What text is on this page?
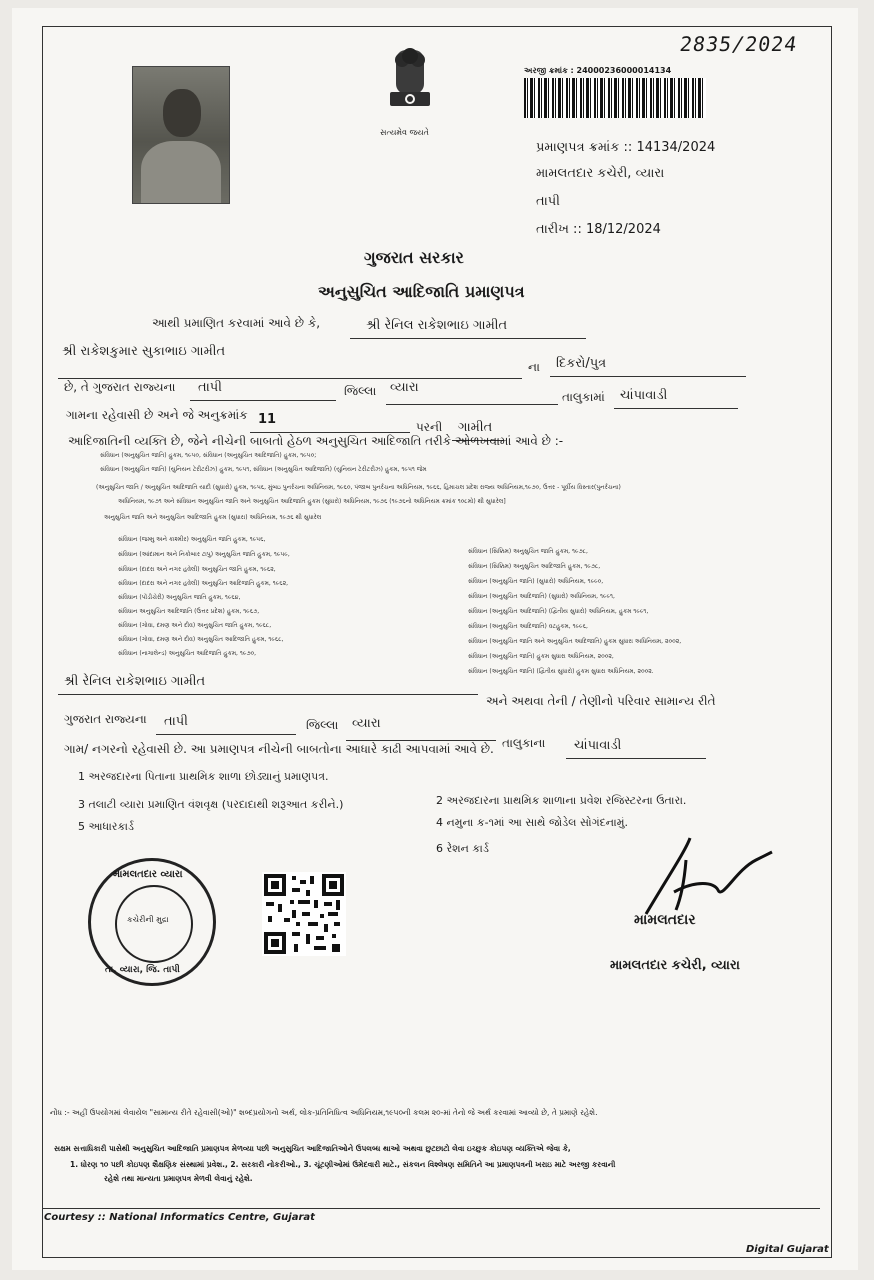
સત્યમેવ જયતે
2835/2024
અરજી ક્રમાંક : 24000236000014134
પ્રમાણપત્ર ક્રમાંક :: 14134/2024
મામલતદાર કચેરી, વ્યારા
તાપી
તારીખ :: 18/12/2024
ગુજરાત સરકાર
અનુસુચિત આદિજાતિ પ્રમાણપત્ર
આથી પ્રમાણિત કરવામાં આવે છે કે,	શ્રી રેનિલ રાકેશભાઇ ગામીત
શ્રી રાકેશકુમાર સુકાભાઇ ગામીત
ના દિકરો/પુત્ર
છે, તે ગુજરાત રાજ્યના તાપી	જિલ્લા વ્યારા
તાલુકામાં ચાંપાવાડી
ગામના રહેવાસી છે અને જે અનુક્રમાંક 11	પરની ગામીત
આદિજાતિની વ્યક્તિ છે, જેને નીચેની બાબતો હેઠળ અનુસુચિત આદિજાતિ તરીકે ઓળખવામાં આવે છે :-
સંવિધાન (અનુસુચિત જાતિ) હુકમ, ૧૯૫૦, સંવિધાન (અનુસુચિત આદિજાતિ) હુકમ, ૧૯૫૦;
સંવિધાન (અનુસુચિત જાતિ) (યુનિયન ટેરીટરીઝ) હુકમ, ૧૯૫૧, સંવિધાન (અનુસુચિત આદિજાતિ) (યુનિયન ટેરીટરીઝ) હુકમ, ૧૯૫૧ જેમ
(અનુસુચિત જાતિ / અનુસુચિત આદિજાતિ યાદી (સુધારો) હુકમ, ૧૯૫૬, મુંબઇ પુનર્રચના અધિનિયમ, ૧૯૬૦, પંજાબ પુનર્રચના અધિનિયમ, ૧૯૬૬, હિમાચલ પ્રદેશ રાજ્ય અધિનિયમ,૧૯૭૦, ઉત્તર - પૂર્વીય વિસ્તાર(પુનર્રચના)
અધિનિયમ, ૧૯૭૧ અને સંવિધાન અનુસુચિત જાતિ અને અનુસુચિત આદિજાતિ હુકમ (સુધારો) અધિનિયમ, ૧૯૭૬ (૧૯૭૬નો અધિનિયમ ક્રમાંક ૧૦૮મો) થી સુધારેલ]
અનુસુચિત જાતિ અને અનુસુચિત આદિજાતિ હુકમ (સુધારા) અધિનિયમ, ૧૯૭૬ થી સુધારેલ
સંવિધાન (જમ્મુ અને કાશ્મીર) અનુસુચિત જાતિ હુકમ, ૧૯૫૬,
સંવિધાન (આંદામાન અને નિકોબાર ટાપુ) અનુસુચિત જાતિ હુકમ, ૧૯૫૯,
સંવિધાન (દાદરા અને નગર હવેલી) અનુસુચિત જાતિ હુકમ, ૧૯૬૨,
સંવિધાન (દાદરા અને નગર હવેલી) અનુસુચિત આદિજાતિ હુકમ, ૧૯૬૨,
સંવિધાન (પોંડીચેરી) અનુસુચિત જાતિ હુકમ, ૧૯૬૪,
સંવિધાન અનુસુચિત આદિજાતિ (ઉત્તર પ્રદેશ) હુકમ, ૧૯૬૭,
સંવિધાન (ગોવા, દમણ અને દીવ) અનુસુચિત જાતિ હુકમ, ૧૯૬૮,
સંવિધાન (ગોવા, દમણ અને દીવ) અનુસુચિત આદિજાતિ હુકમ, ૧૯૬૮,
સંવિધાન (નાગાલેન્ડ) અનુસુચિત આદિજાતિ હુકમ, ૧૯૭૦,
સંવિધાન (સિક્કિમ) અનુસુચિત જાતિ હુકમ, ૧૯૭૮,
સંવિધાન (સિક્કિમ) અનુસુચિત આદિજાતિ હુકમ, ૧૯૭૮,
સંવિધાન (અનુસુચિત જાતિ) (સુધારો) અધિનિયમ, ૧૯૯૦,
સંવિધાન (અનુસુચિત આદિજાતિ) (સુધારો) અધિનિયમ, ૧૯૯૧,
સંવિધાન (અનુસુચિત આદિજાતિ) (દ્વિતીય સુધારો) અધિનિયમ, હુકમ ૧૯૯૧,
સંવિધાન (અનુસુચિત આદિજાતિ) વટહુકમ, ૧૯૯૬,
સંવિધાન (અનુસુચિત જાતિ અને અનુસુચિત આદિજાતિ) હુકમ સુધારા અધિનિયમ, ૨૦૦૨,
સંવિધાન (અનુસુચિત જાતિ) હુકમ સુધારા અધિનિયમ, ૨૦૦૨,
સંવિધાન (અનુસુચિત જાતિ) (દ્વિતીય સુધારો) હુકમ સુધારા અધિનિયમ, ૨૦૦૨.
શ્રી રેનિલ રાકેશભાઇ ગામીત
અને અથવા તેની / તેણીનો પરિવાર સામાન્ય રીતે
ગુજરાત રાજ્યના તાપી	જિલ્લા વ્યારા
તાલુકાના ચાંપાવાડી
ગામ/ નગરનો રહેવાસી છે. આ પ્રમાણપત્ર નીચેની બાબતોના આધારે કાઢી આપવામાં આવે છે.
1 અરજદારના પિતાના પ્રાથમિક શાળા છોડ્યાનું પ્રમાણપત્ર.
2 અરજદારના પ્રાથમિક શાળાના પ્રવેશ રજિસ્ટરના ઉતારા.
3 તલાટી વ્યારા પ્રમાણિત વંશવૃક્ષ (પરદાદાથી શરૂઆત કરીને.)
4 નમુના ક-૧માં આ સાથે જોડેલ સોગંદનામું.
5 આધારકાર્ડ
6 રેશન કાર્ડ
મામલતદાર વ્યારા
કચેરીની મુદ્રા
તા. વ્યારા, જિ. તાપી
મામલતદાર
મામલતદાર કચેરી, વ્યારા
નોંધ :- અહીં ઉપયોગમાં લેવાયેલ "સામાન્ય રીતે રહેવાસી(ઓ)" શબ્દપ્રયોગનો અર્થ, લોક-પ્રતિનિધિત્વ અધિનિયમ,૧૯૫૦ની કલમ ૨૦-માં તેનો જે અર્થ કરવામાં આવ્યો છે, તે પ્રમાણે રહેશે.
સક્ષમ સત્તાધિકારી પાસેથી અનુસુચિત આદિજાતિ પ્રમાણપત્ર મેળવ્યા પછી અનુસુચિત આદિજાતિઓને ઉપલબ્ધ થાઓ અથવા છુટછાટો લેવા ઇચ્છુક કોઇપણ વ્યક્તિએ જેવા કે,
1. ધોરણ ૧૦ પછી કોઇપણ શૈક્ષણિક સંસ્થામાં પ્રવેશ., 2. સરકારી નોકરીઓ., 3. ચૂંટણીઓમાં ઉમેદવારી માટે., સંકલન વિશ્લેષણ સમિતિને આ પ્રમાણપત્રની ખરાઇ માટે અરજી કરવાની
રહેશે તથા માન્યતા પ્રમાણપત્ર મેળવી લેવાનું રહેશે.
Courtesy :: National Informatics Centre, Gujarat
Digital Gujarat
